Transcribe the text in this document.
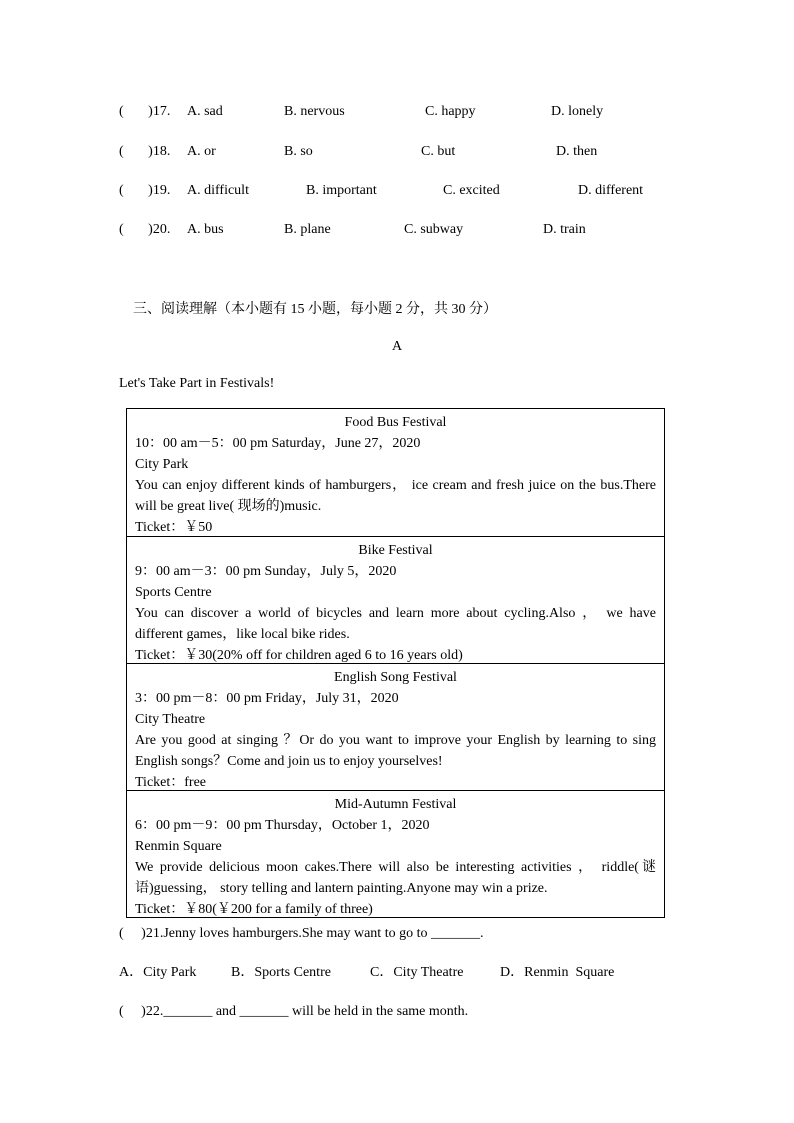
(       )17. A. sad	B. nervous	C. happy	D. lonely
(       )18. A. or	B. so	C. but	D. then
(       )19. A. difficult	B. important	C. excited	D. different
(       )20. A. bus	B. plane	C. subway	D. train
三、阅读理解（本小题有 15 小题，每小题 2 分，共 30 分）
A
Let's Take Part in Festivals!
Food Bus Festival
10：00 am－5：00 pm Saturday，June 27，2020
City Park
You can enjoy different kinds of hamburgers， ice cream and fresh juice on the bus.There will be great live( 现场的)music.
Ticket：￥50
Bike Festival
9：00 am－3：00 pm Sunday，July 5，2020
Sports Centre
You can discover a world of bicycles and learn more about cycling.Also ， we have different games，like local bike rides.
Ticket：￥30(20% off for children aged 6 to 16 years old)
English Song Festival
3：00 pm－8：00 pm Friday，July 31，2020
City Theatre
Are you good at singing ？Or do you want to improve your English by learning to sing English songs？Come and join us to enjoy yourselves!
Ticket：free
Mid-Autumn Festival
6：00 pm－9：00 pm Thursday，October 1，2020
Renmin Square
We provide delicious moon cakes.There will also be interesting activities ， riddle(谜语)guessing， story telling and lantern painting.Anyone may win a prize.
Ticket：￥80(￥200 for a family of three)
(     )21.Jenny loves hamburgers.She may want to go to _______.
A．City Park B．Sports Centre	C．City Theatre	D．Renmin  Square
(     )22._______ and _______ will be held in the same month.
